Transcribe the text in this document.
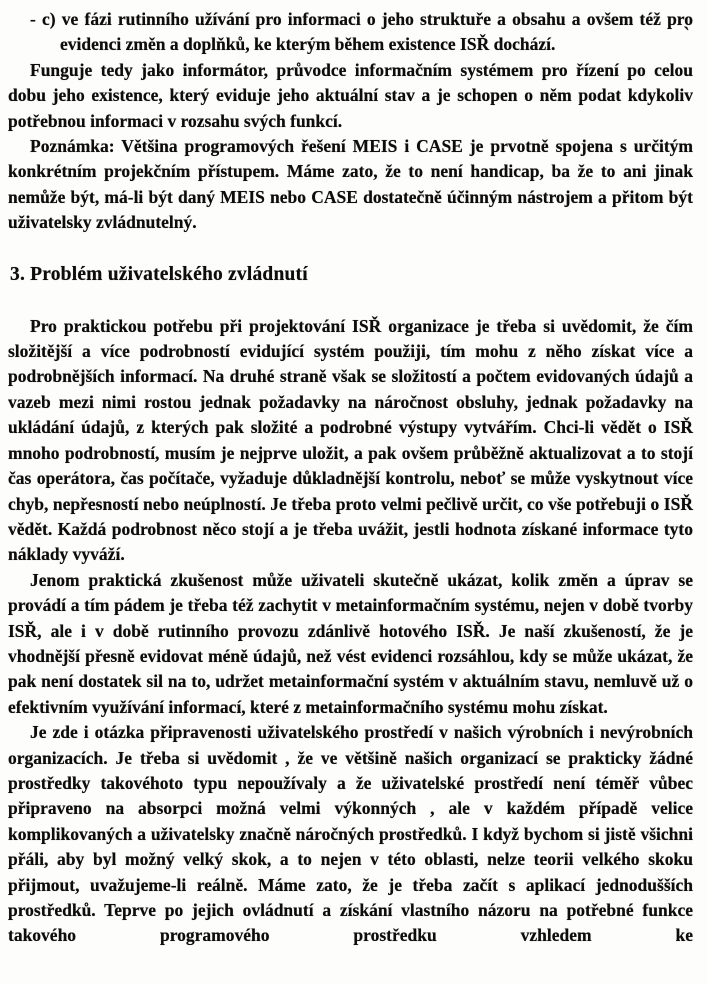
- c) ve fázi rutinního užívání pro informaci o jeho struktuře a obsahu a ovšem též pro evidenci změn a doplňků, ke kterým během existence ISŘ dochází.

Funguje tedy jako informátor, průvodce informačním systémem pro řízení po celou dobu jeho existence, který eviduje jeho aktuální stav a je schopen o něm podat kdykoliv potřebnou informaci v rozsahu svých funkcí.

Poznámka: Většina programových řešení MEIS i CASE je prvotně spojena s určitým konkrétním projekčním přístupem. Máme zato, že to není handicap, ba že to ani jinak nemůže být, má-li být daný MEIS nebo CASE dostatečně účinným nástrojem a přitom být uživatelsky zvládnutelný.

3. Problém uživatelského zvládnutí

Pro praktickou potřebu při projektování ISŘ organizace je třeba si uvědomit, že čím složitější a více podrobností evidující systém použiji, tím mohu z něho získat více a podrobnějších informací. Na druhé straně však se složitostí a počtem evidovaných údajů a vazeb mezi nimi rostou jednak požadavky na náročnost obsluhy, jednak požadavky na ukládání údajů, z kterých pak složité a podrobné výstupy vytvářím. Chci-li vědět o ISŘ mnoho podrobností, musím je nejprve uložit, a pak ovšem průběžně aktualizovat a to stojí čas operátora, čas počítače, vyžaduje důkladnější kontrolu, neboť se může vyskytnout více chyb, nepřesností nebo neúplností. Je třeba proto velmi pečlivě určit, co vše potřebuji o ISŘ vědět. Každá podrobnost něco stojí a je třeba uvážit, jestli hodnota získané informace tyto náklady vyváží.

Jenom praktická zkušenost může uživateli skutečně ukázat, kolik změn a úprav se provádí a tím pádem je třeba též zachytit v metainformačním systému, nejen v době tvorby ISŘ, ale i v době rutinního provozu zdánlivě hotového ISŘ. Je naší zkušeností, že je vhodnější přesně evidovat méně údajů, než vést evidenci rozsáhlou, kdy se může ukázat, že pak není dostatek sil na to, udržet metainformační systém v aktuálním stavu, nemluvě už o efektivním využívání informací, které z metainformačního systému mohu získat.

Je zde i otázka připravenosti uživatelského prostředí v našich výrobních i nevýrobních organizacích. Je třeba si uvědomit , že ve většině našich organizací se prakticky žádné prostředky takovéhoto typu nepoužívaly a že uživatelské prostředí není téměř vůbec připraveno na absorpci možná velmi výkonných , ale v každém případě velice komplikovaných a uživatelsky značně náročných prostředků. I když bychom si jistě všichni přáli, aby byl možný velký skok, a to nejen v této oblasti, nelze teorii velkého skoku přijmout, uvažujeme-li reálně. Máme zato, že je třeba začít s aplikací jednodušších prostředků. Teprve po jejich ovládnutí a získání vlastního názoru na potřebné funkce takového programového prostředku vzhledem ke

`
